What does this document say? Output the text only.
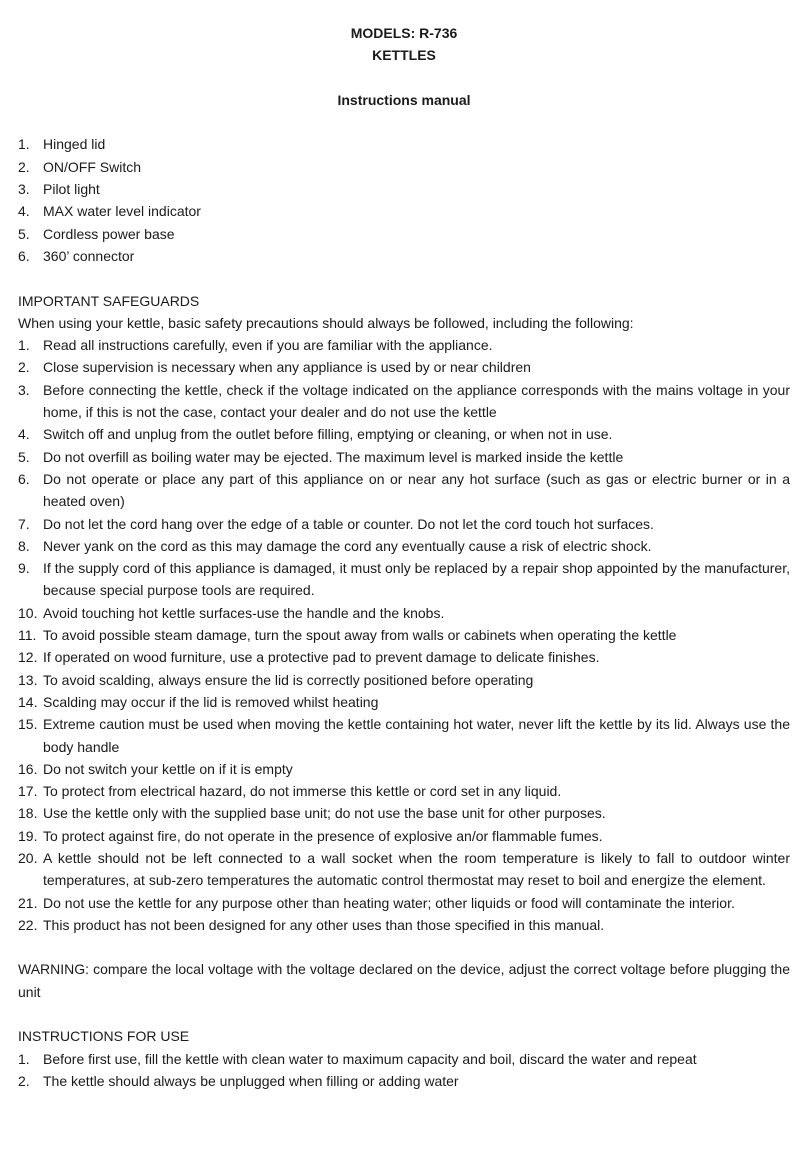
MODELS: R-736
KETTLES
Instructions manual
1. Hinged lid
2. ON/OFF Switch
3. Pilot light
4. MAX water level indicator
5. Cordless power base
6. 360’ connector

IMPORTANT SAFEGUARDS

When using your kettle, basic safety precautions should always be followed, including the following:

1. Read all instructions carefully, even if you are familiar with the appliance.
2. Close supervision is necessary when any appliance is used by or near children
3. Before connecting the kettle, check if the voltage indicated on the appliance corresponds with the mains voltage in your home, if this is not the case, contact your dealer and do not use the kettle
4. Switch off and unplug from the outlet before filling, emptying or cleaning, or when not in use.
5. Do not overfill as boiling water may be ejected. The maximum level is marked inside the kettle
6. Do not operate or place any part of this appliance on or near any hot surface (such as gas or electric burner or in a heated oven)
7. Do not let the cord hang over the edge of a table or counter. Do not let the cord touch hot surfaces.
8. Never yank on the cord as this may damage the cord any eventually cause a risk of electric shock.
9. If the supply cord of this appliance is damaged, it must only be replaced by a repair shop appointed by the manufacturer, because special purpose tools are required.
10. Avoid touching hot kettle surfaces-use the handle and the knobs.
11. To avoid possible steam damage, turn the spout away from walls or cabinets when operating the kettle
12. If operated on wood furniture, use a protective pad to prevent damage to delicate finishes.
13. To avoid scalding, always ensure the lid is correctly positioned before operating
14. Scalding may occur if the lid is removed whilst heating
15. Extreme caution must be used when moving the kettle containing hot water, never lift the kettle by its lid. Always use the body handle
16. Do not switch your kettle on if it is empty
17. To protect from electrical hazard, do not immerse this kettle or cord set in any liquid.
18. Use the kettle only with the supplied base unit; do not use the base unit for other purposes.
19. To protect against fire, do not operate in the presence of explosive an/or flammable fumes.
20. A kettle should not be left connected to a wall socket when the room temperature is likely to fall to outdoor winter temperatures, at sub-zero temperatures the automatic control thermostat may reset to boil and energize the element.
21. Do not use the kettle for any purpose other than heating water; other liquids or food will contaminate the interior.
22. This product has not been designed for any other uses than those specified in this manual.

WARNING: compare the local voltage with the voltage declared on the device, adjust the correct voltage before plugging the unit

INSTRUCTIONS FOR USE

1. Before first use, fill the kettle with clean water to maximum capacity and boil, discard the water and repeat
2. The kettle should always be unplugged when filling or adding water
